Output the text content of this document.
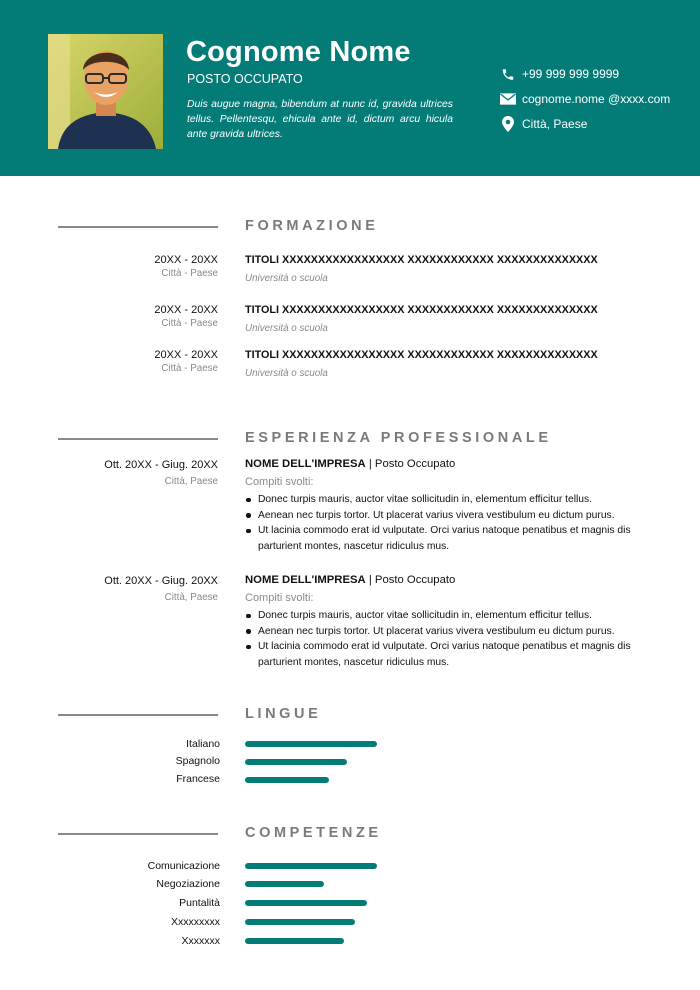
Cognome Nome
POSTO OCCUPATO
Duis augue magna, bibendum at nunc id, gravida ultrices tellus. Pellentesqu, ehicula ante id, dictum arcu hicula ante gravida ultrices.
+99 999 999 9999
cognome.nome @xxxx.com
Città, Paese
FORMAZIONE
20XX - 20XX
Città - Paese
TITOLI XXXXXXXXXXXXXXXXX XXXXXXXXXXXX XXXXXXXXXXXXXX
Università o scuola
20XX - 20XX
Città - Paese
TITOLI XXXXXXXXXXXXXXXXX XXXXXXXXXXXX XXXXXXXXXXXXXX
Università o scuola
20XX - 20XX
Città - Paese
TITOLI XXXXXXXXXXXXXXXXX XXXXXXXXXXXX XXXXXXXXXXXXXX
Università o scuola
ESPERIENZA PROFESSIONALE
Ott. 20XX - Giug. 20XX
Città, Paese
NOME DELL'IMPRESA | Posto Occupato
Compiti svolti:
Donec turpis mauris, auctor vitae sollicitudin in, elementum efficitur tellus.
Aenean nec turpis tortor. Ut placerat varius vivera vestibulum eu dictum purus.
Ut lacinia commodo erat id vulputate. Orci varius natoque penatibus et magnis dis parturient montes, nascetur ridiculus mus.
Ott. 20XX - Giug. 20XX
Città, Paese
NOME DELL'IMPRESA | Posto Occupato
Compiti svolti:
Donec turpis mauris, auctor vitae sollicitudin in, elementum efficitur tellus.
Aenean nec turpis tortor. Ut placerat varius vivera vestibulum eu dictum purus.
Ut lacinia commodo erat id vulputate. Orci varius natoque penatibus et magnis dis parturient montes, nascetur ridiculus mus.
LINGUE
Italiano
Spagnolo
Francese
COMPETENZE
Comunicazione
Negoziazione
Puntalità
Xxxxxxxxx
Xxxxxxx
